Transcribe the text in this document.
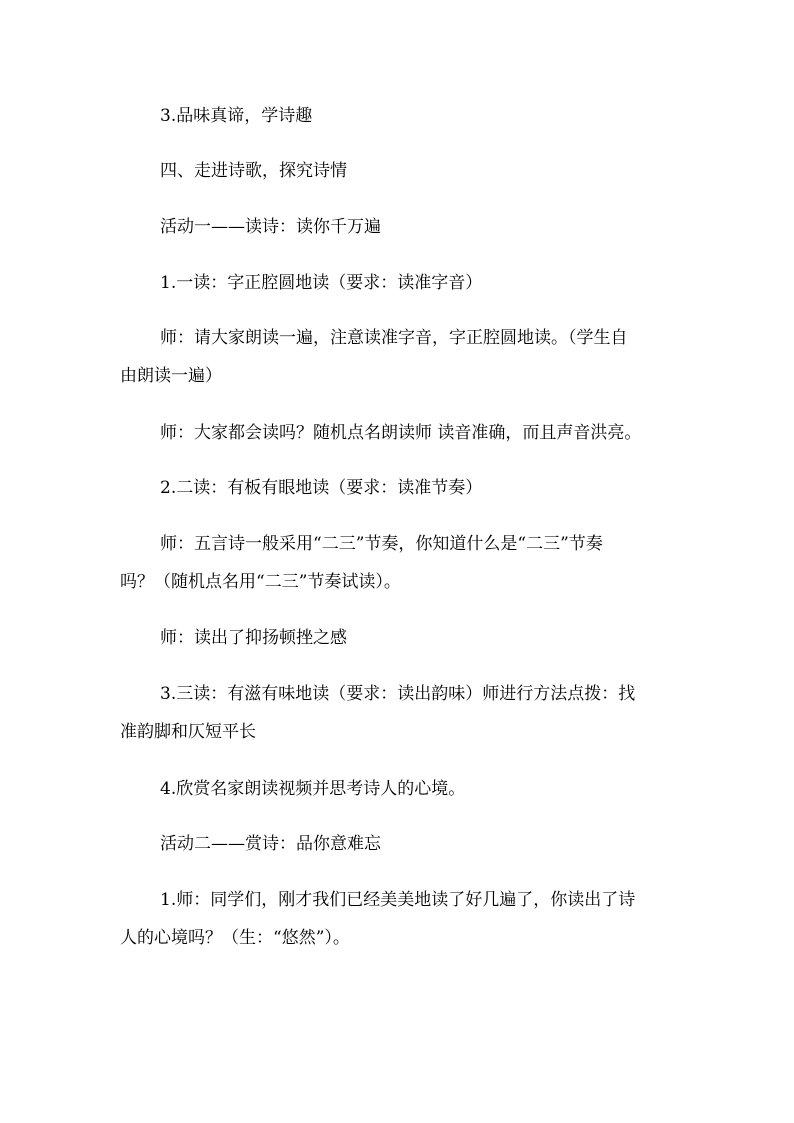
3.品味真谛，学诗趣

四、走进诗歌，探究诗情

活动一——读诗：读你千万遍

1.一读：字正腔圆地读（要求：读准字音）

师：请大家朗读一遍，注意读准字音，字正腔圆地读。（学生自
由朗读一遍）

师：大家都会读吗？随机点名朗读师 读音准确，而且声音洪亮。

2.二读：有板有眼地读（要求：读准节奏）

师：五言诗一般采用“二三”节奏，你知道什么是“二三”节奏
吗？（随机点名用“二三”节奏试读）。

师：读出了抑扬顿挫之感

3.三读：有滋有味地读（要求：读出韵味）师进行方法点拨：找
准韵脚和仄短平长

4.欣赏名家朗读视频并思考诗人的心境。

活动二——赏诗：品你意难忘

1.师：同学们，刚才我们已经美美地读了好几遍了，你读出了诗
人的心境吗？（生：“悠然”）。
